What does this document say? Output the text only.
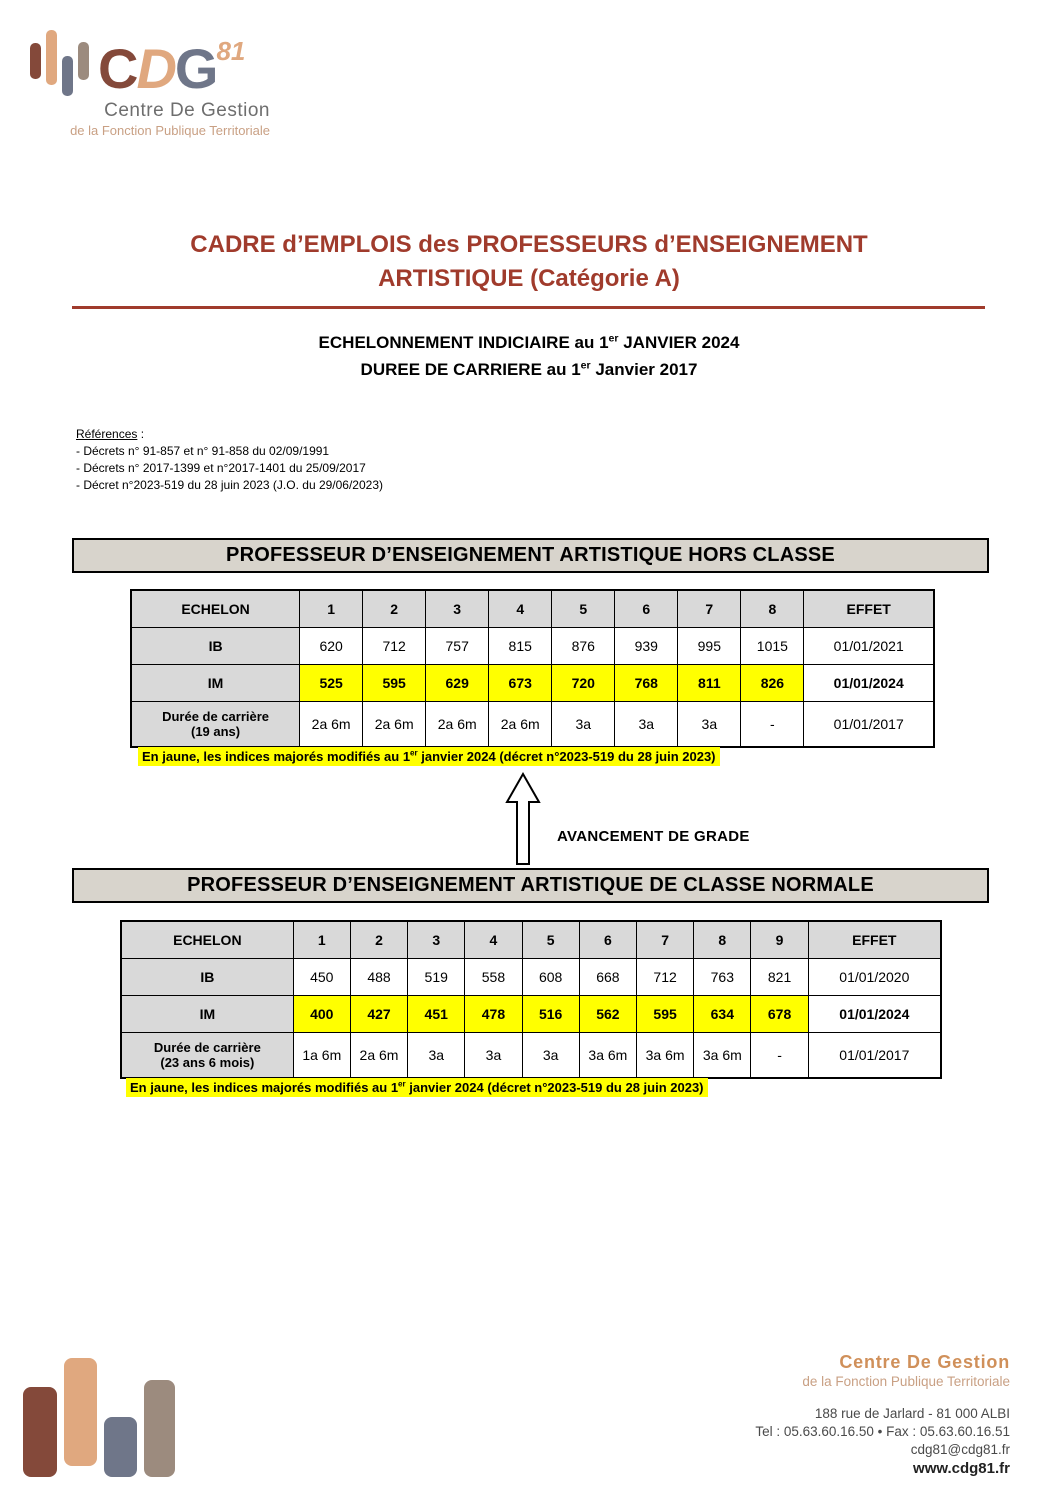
CDG$^{81}$
Centre De Gestion
de la Fonction Publique Territoriale
CADRE d’EMPLOIS des PROFESSEURS d’ENSEIGNEMENT
ARTISTIQUE (Catégorie A)
ECHELONNEMENT INDICIAIRE au 1er JANVIER 2024
DUREE DE CARRIERE au 1er Janvier 2017
Références :
- Décrets n° 91-857 et n° 91-858 du 02/09/1991
- Décrets n° 2017-1399 et n°2017-1401 du 25/09/2017
- Décret n°2023-519 du 28 juin 2023 (J.O. du 29/06/2023)
PROFESSEUR D’ENSEIGNEMENT ARTISTIQUE HORS CLASSE
ECHELON	1	2	3	4	5	6	7	8	EFFET
IB	620	712	757	815	876	939	995	1015	01/01/2021
IM	525	595	629	673	720	768	811	826	01/01/2024
Durée de carrière
(19 ans)	2a 6m	2a 6m	2a 6m	2a 6m	3a	3a	3a	-	01/01/2017
En jaune, les indices majorés modifiés au 1er janvier 2024 (décret n°2023-519 du 28 juin 2023)
AVANCEMENT DE GRADE
PROFESSEUR D’ENSEIGNEMENT ARTISTIQUE DE CLASSE NORMALE
ECHELON	1	2	3	4	5	6	7	8	9	EFFET
IB	450	488	519	558	608	668	712	763	821	01/01/2020
IM	400	427	451	478	516	562	595	634	678	01/01/2024
Durée de carrière
(23 ans 6 mois)	1a 6m	2a 6m	3a	3a	3a	3a 6m	3a 6m	3a 6m	-	01/01/2017
En jaune, les indices majorés modifiés au 1er janvier 2024 (décret n°2023-519 du 28 juin 2023)
Centre De Gestion
de la Fonction Publique Territoriale
188 rue de Jarlard - 81 000 ALBI
Tel : 05.63.60.16.50 • Fax : 05.63.60.16.51
cdg81@cdg81.fr
www.cdg81.fr
